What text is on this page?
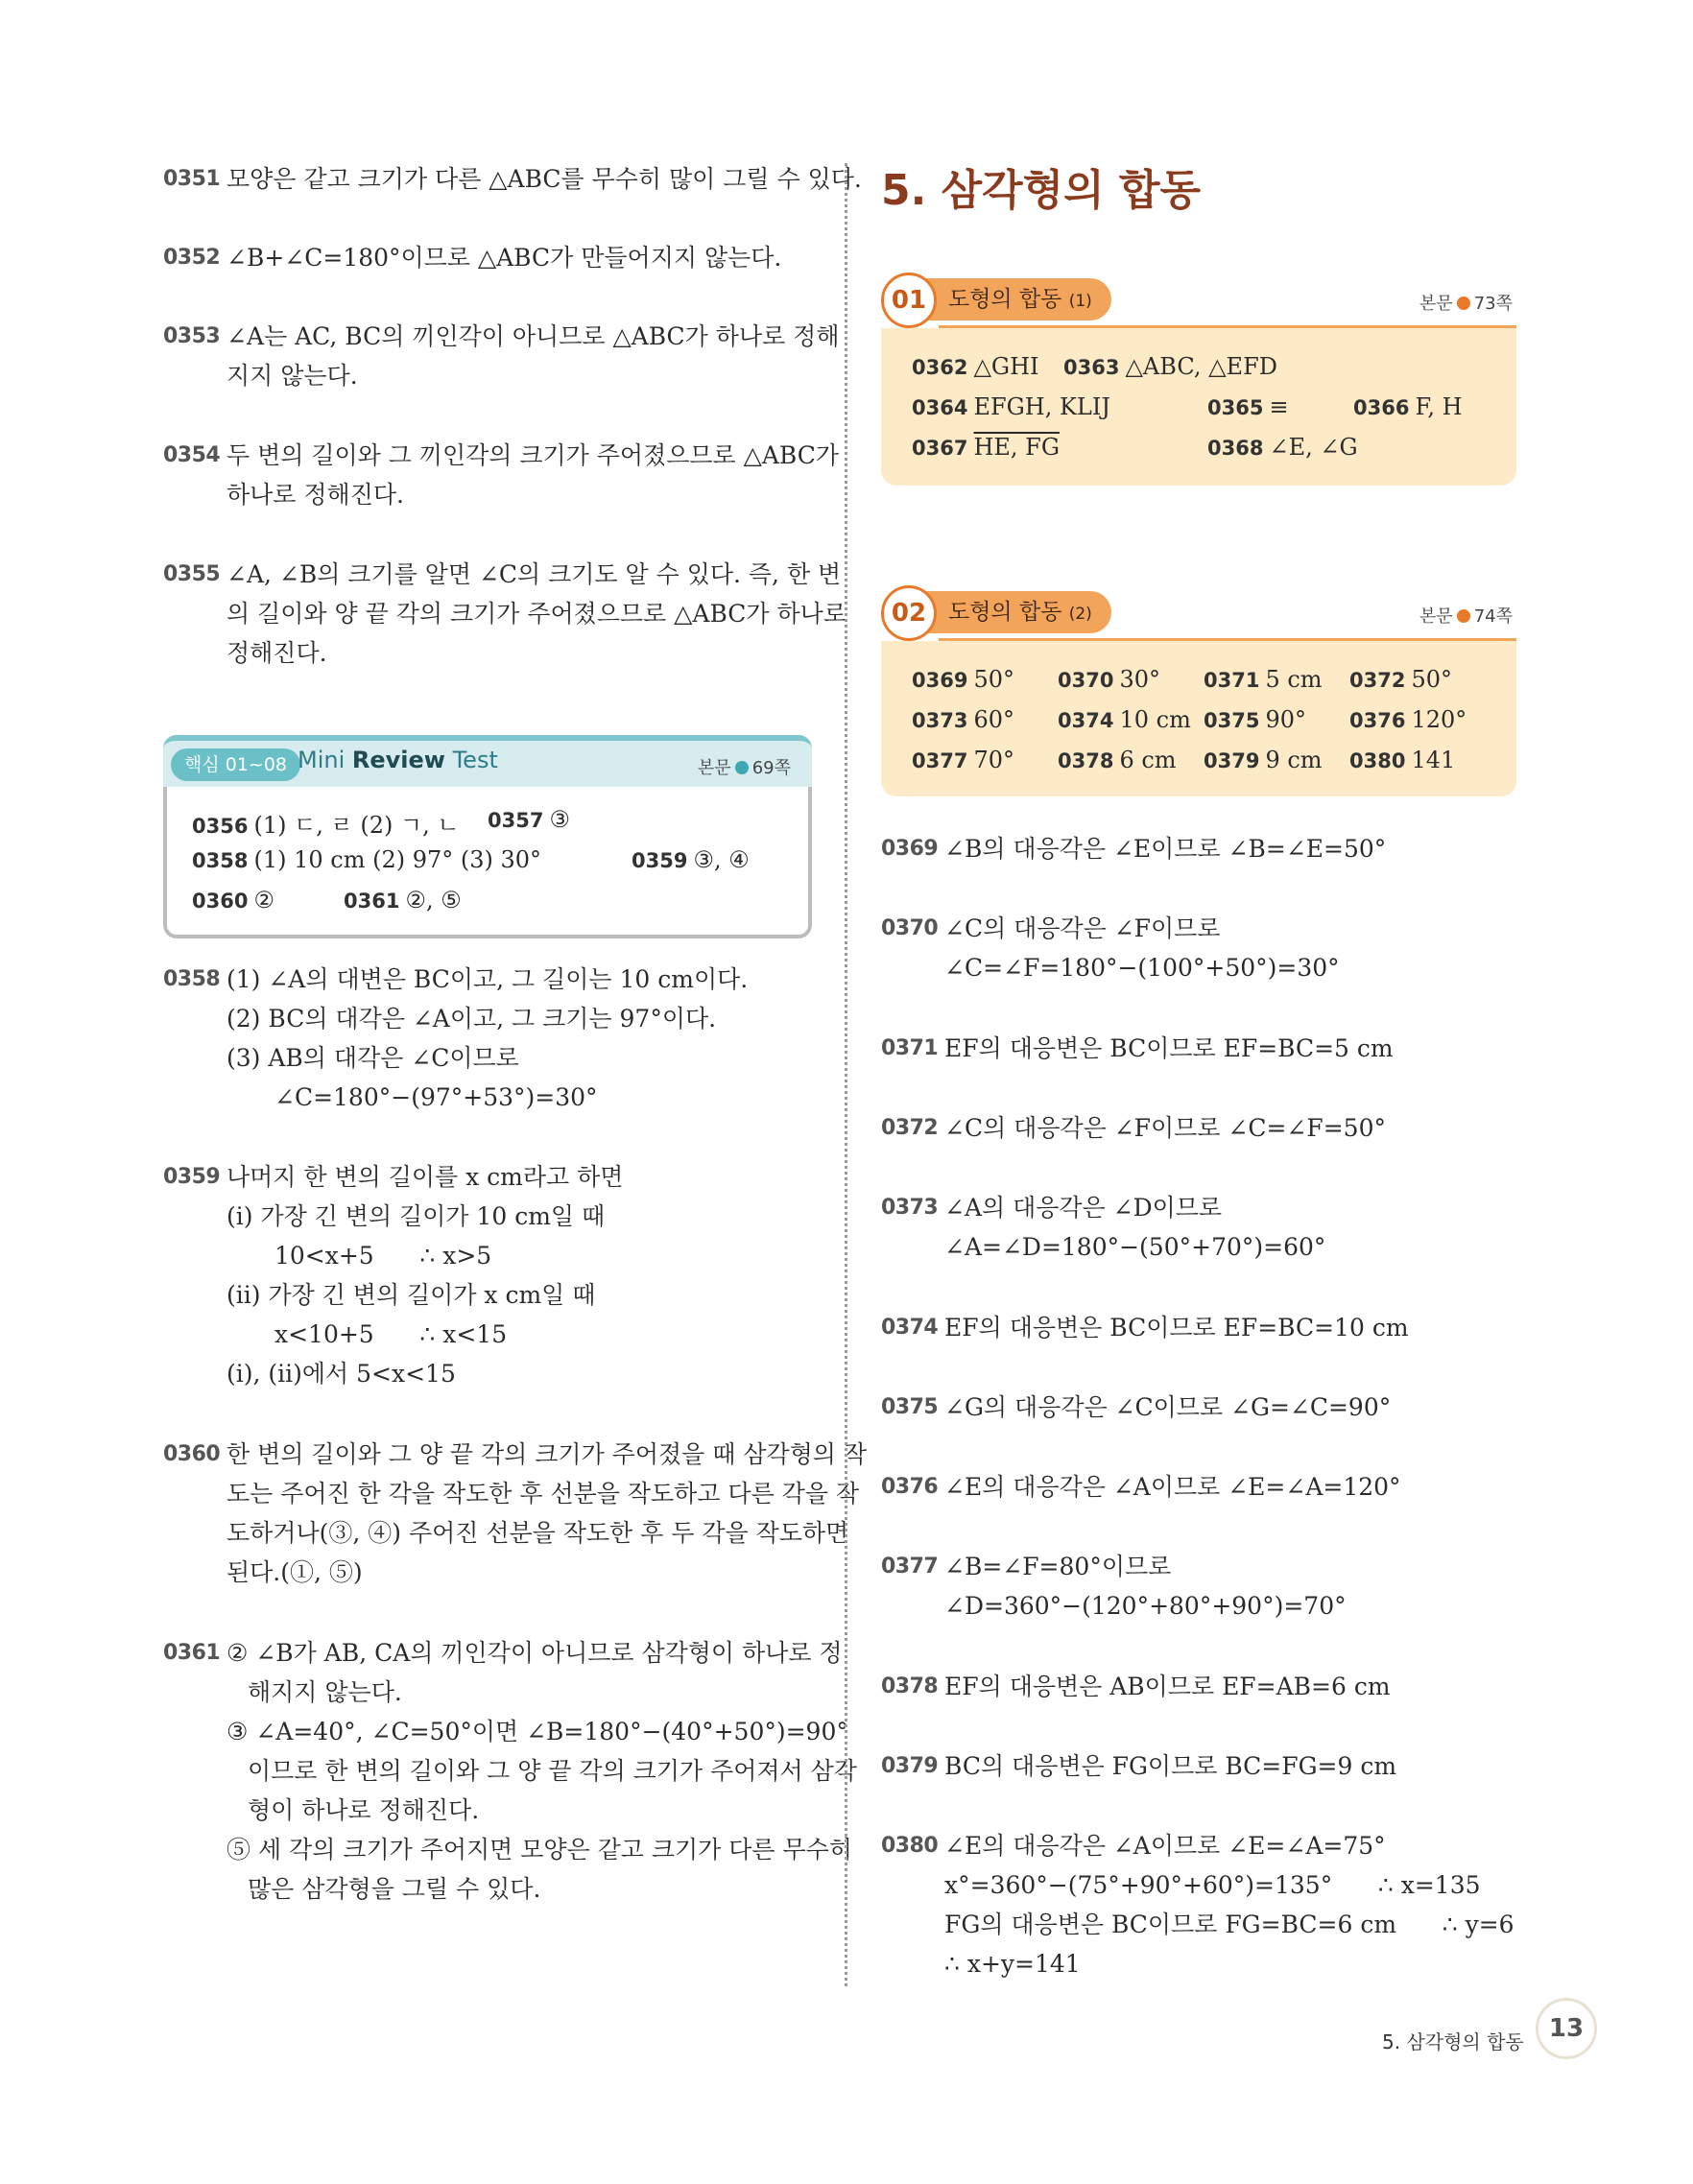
0351 모양은 같고 크기가 다른 △ABC를 무수히 많이 그릴 수 있다.
0352 ∠B+∠C=180°이므로 △ABC가 만들어지지 않는다.
0353 ∠A는 AC, BC의 끼인각이 아니므로 △ABC가 하나로 정해
지지 않는다.
0354 두 변의 길이와 그 끼인각의 크기가 주어졌으므로 △ABC가
하나로 정해진다.
0355 ∠A, ∠B의 크기를 알면 ∠C의 크기도 알 수 있다. 즉, 한 변
의 길이와 양 끝 각의 크기가 주어졌으므로 △ABC가 하나로
정해진다.
핵심 01~08 Mini Review Test	본문 69쪽
0356 (1) ㄷ, ㄹ (2) ㄱ, ㄴ 0357 ③
0358 (1) 10 cm (2) 97° (3) 30°	0359 ③, ④
0360 ②	0361 ②, ⑤
0358 (1) ∠A의 대변은 BC이고, 그 길이는 10 cm이다.
(2) BC의 대각은 ∠A이고, 그 크기는 97°이다.
(3) AB의 대각은 ∠C이므로
∠C=180°−(97°+53°)=30°
0359 나머지 한 변의 길이를 x cm라고 하면
(i) 가장 긴 변의 길이가 10 cm일 때
10<x+5      ∴ x>5
(ii) 가장 긴 변의 길이가 x cm일 때
x<10+5      ∴ x<15
(i), (ii)에서 5<x<15
0360 한 변의 길이와 그 양 끝 각의 크기가 주어졌을 때 삼각형의 작
도는 주어진 한 각을 작도한 후 선분을 작도하고 다른 각을 작
도하거나(③, ④) 주어진 선분을 작도한 후 두 각을 작도하면
된다.(①, ⑤)
0361 ② ∠B가 AB, CA의 끼인각이 아니므로 삼각형이 하나로 정
해지지 않는다.
③ ∠A=40°, ∠C=50°이면 ∠B=180°−(40°+50°)=90°
이므로 한 변의 길이와 그 양 끝 각의 크기가 주어져서 삼각
형이 하나로 정해진다.
⑤ 세 각의 크기가 주어지면 모양은 같고 크기가 다른 무수히
많은 삼각형을 그릴 수 있다.
5. 삼각형의 합동
도형의 합동 (1)
01	본문 73쪽
0362 △GHI 0363 △ABC, △EFD
0364 EFGH, KLIJ	0365 ≡	0366 F, H
0367 HE, FG	0368 ∠E, ∠G
도형의 합동 (2)
02	본문 74쪽
0369 50° 0370 30° 0371 5 cm 0372 50°
0373 60° 0374 10 cm 0375 90° 0376 120°
0377 70° 0378 6 cm 0379 9 cm 0380 141
0369 ∠B의 대응각은 ∠E이므로 ∠B=∠E=50°
0370 ∠C의 대응각은 ∠F이므로
∠C=∠F=180°−(100°+50°)=30°
0371 EF의 대응변은 BC이므로 EF=BC=5 cm
0372 ∠C의 대응각은 ∠F이므로 ∠C=∠F=50°
0373 ∠A의 대응각은 ∠D이므로
∠A=∠D=180°−(50°+70°)=60°
0374 EF의 대응변은 BC이므로 EF=BC=10 cm
0375 ∠G의 대응각은 ∠C이므로 ∠G=∠C=90°
0376 ∠E의 대응각은 ∠A이므로 ∠E=∠A=120°
0377 ∠B=∠F=80°이므로
∠D=360°−(120°+80°+90°)=70°
0378 EF의 대응변은 AB이므로 EF=AB=6 cm
0379 BC의 대응변은 FG이므로 BC=FG=9 cm
0380 ∠E의 대응각은 ∠A이므로 ∠E=∠A=75°
x°=360°−(75°+90°+60°)=135°      ∴ x=135
FG의 대응변은 BC이므로 FG=BC=6 cm      ∴ y=6
∴ x+y=141
5. 삼각형의 합동	13
